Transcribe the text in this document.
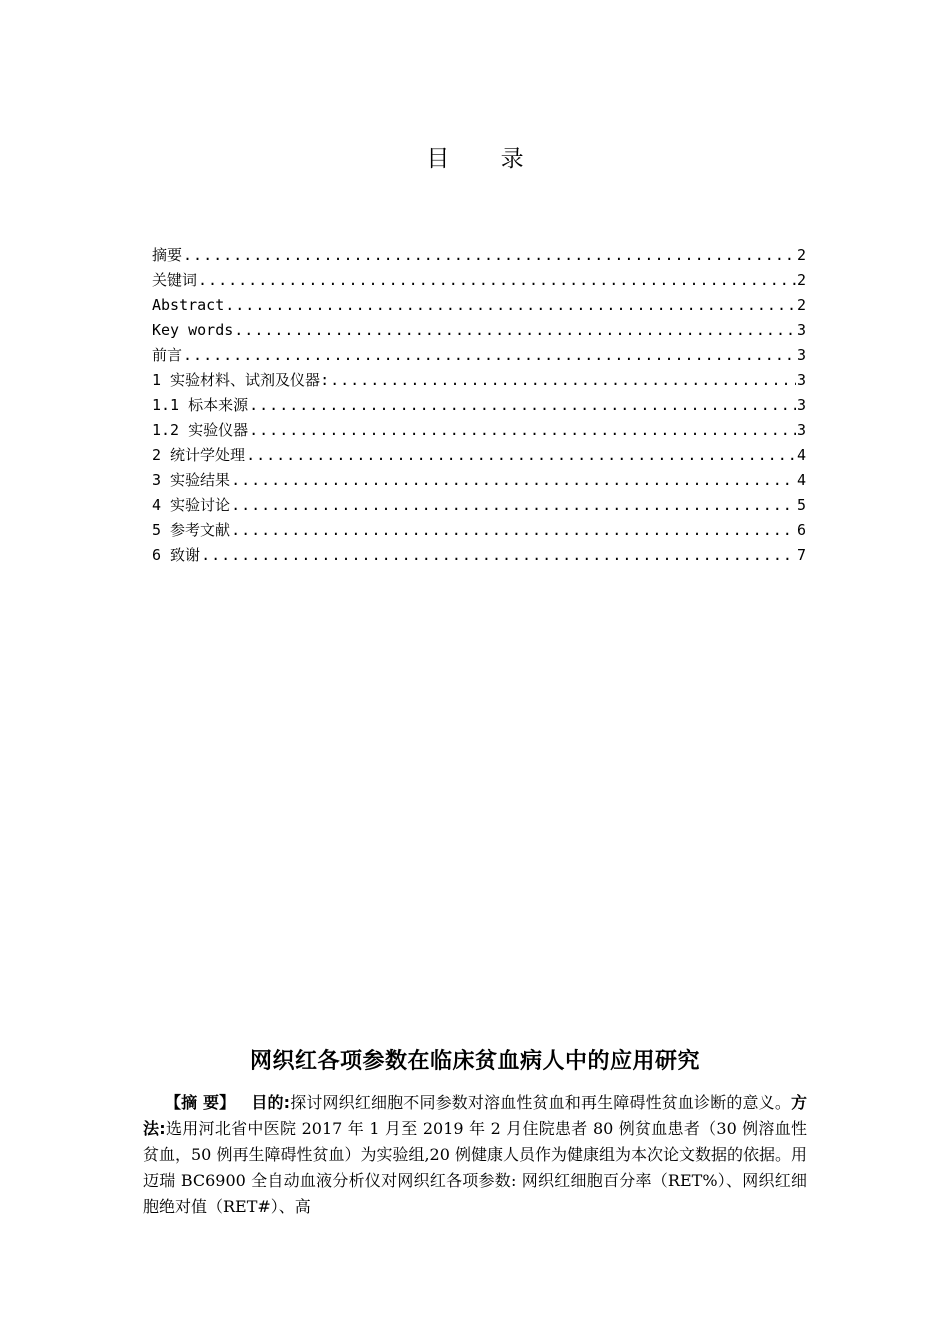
目 录
摘要 .....	2
关键词 .....	2
Abstract .....	2
Key words .....	3
前言 .....	3
1 实验材料、试剂及仪器: .....	3
1.1 标本来源 .....	3
1.2 实验仪器 .....	3
2 统计学处理 .....	4
3 实验结果 .....	4
4 实验讨论 .....	5
5 参考文献 .....	6
6 致谢 .....	7
网织红各项参数在临床贫血病人中的应用研究
【摘 要】 目的:探讨网织红细胞不同参数对溶血性贫血和再生障碍性贫血诊断的意义。方法:选用河北省中医院 2017 年 1 月至 2019 年 2 月住院患者 80 例贫血患者（30 例溶血性贫血，50 例再生障碍性贫血）为实验组,20 例健康人员作为健康组为本次论文数据的依据。用迈瑞 BC6900 全自动血液分析仪对网织红各项参数: 网织红细胞百分率（RET%）、网织红细胞绝对值（RET#）、高
